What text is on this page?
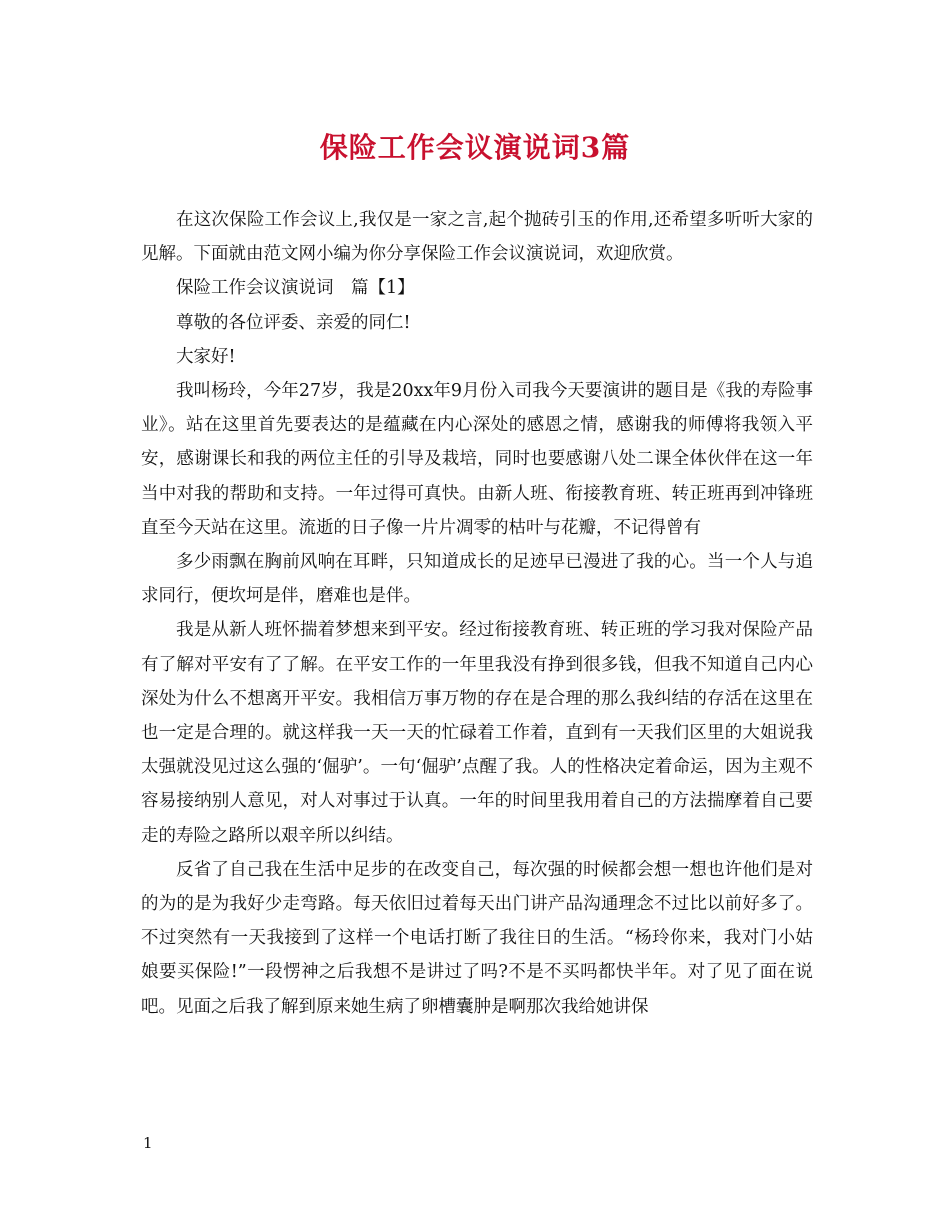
保险工作会议演说词3篇

在这次保险工作会议上,我仅是一家之言,起个抛砖引玉的作用,还希望多听听大家的见解。下面就由范文网小编为你分享保险工作会议演说词，欢迎欣赏。

保险工作会议演说词　篇【1】

尊敬的各位评委、亲爱的同仁!

大家好!

我叫杨玲，今年27岁，我是20xx年9月份入司我今天要演讲的题目是《我的寿险事业》。站在这里首先要表达的是蕴藏在内心深处的感恩之情，感谢我的师傅将我领入平安，感谢课长和我的两位主任的引导及栽培，同时也要感谢八处二课全体伙伴在这一年当中对我的帮助和支持。一年过得可真快。由新人班、衔接教育班、转正班再到冲锋班直至今天站在这里。流逝的日子像一片片凋零的枯叶与花瓣，不记得曾有

多少雨飘在胸前风响在耳畔，只知道成长的足迹早已漫进了我的心。当一个人与追求同行，便坎坷是伴，磨难也是伴。

我是从新人班怀揣着梦想来到平安。经过衔接教育班、转正班的学习我对保险产品有了解对平安有了了解。在平安工作的一年里我没有挣到很多钱，但我不知道自己内心深处为什么不想离开平安。我相信万事万物的存在是合理的那么我纠结的存活在这里在也一定是合理的。就这样我一天一天的忙碌着工作着，直到有一天我们区里的大姐说我太强就没见过这么强的‘倔驴’。一句‘倔驴’点醒了我。人的性格决定着命运，因为主观不容易接纳别人意见，对人对事过于认真。一年的时间里我用着自己的方法揣摩着自己要走的寿险之路所以艰辛所以纠结。

反省了自己我在生活中足步的在改变自己，每次强的时候都会想一想也许他们是对的为的是为我好少走弯路。每天依旧过着每天出门讲产品沟通理念不过比以前好多了。不过突然有一天我接到了这样一个电话打断了我往日的生活。“杨玲你来，我对门小姑娘要买保险!”一段愣神之后我想不是讲过了吗?不是不买吗都快半年。对了见了面在说吧。见面之后我了解到原来她生病了卵槽囊肿是啊那次我给她讲保

1
